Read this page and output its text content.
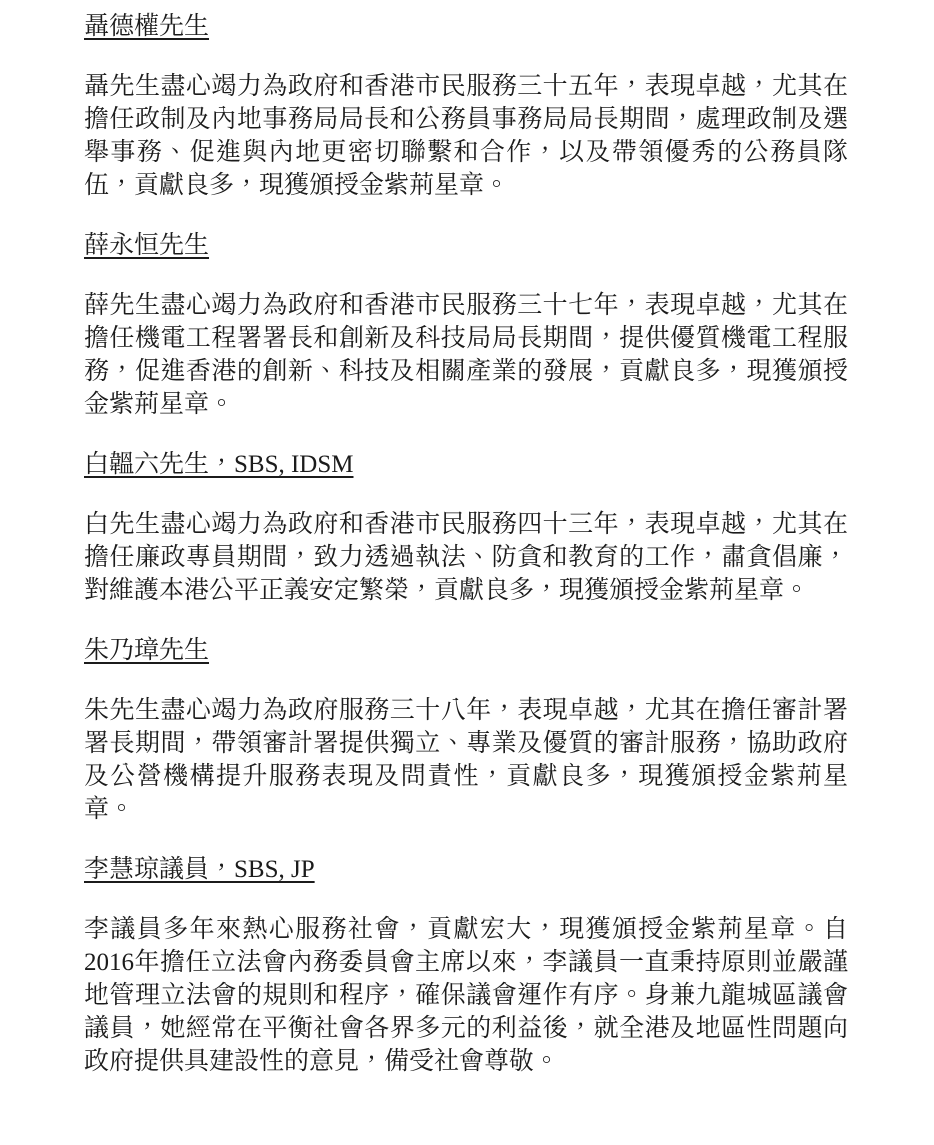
聶德權先生

聶先生盡心竭力為政府和香港市民服務三十五年，表現卓越，尤其在擔任政制及內地事務局局長和公務員事務局局長期間，處理政制及選舉事務、促進與內地更密切聯繫和合作，以及帶領優秀的公務員隊伍，貢獻良多，現獲頒授金紫荊星章。

薛永恒先生

薛先生盡心竭力為政府和香港市民服務三十七年，表現卓越，尤其在擔任機電工程署署長和創新及科技局局長期間，提供優質機電工程服務，促進香港的創新、科技及相關產業的發展，貢獻良多，現獲頒授金紫荊星章。

白韞六先生，SBS, IDSM

白先生盡心竭力為政府和香港市民服務四十三年，表現卓越，尤其在擔任廉政專員期間，致力透過執法、防貪和教育的工作，肅貪倡廉，對維護本港公平正義安定繁榮，貢獻良多，現獲頒授金紫荊星章。

朱乃璋先生

朱先生盡心竭力為政府服務三十八年，表現卓越，尤其在擔任審計署署長期間，帶領審計署提供獨立、專業及優質的審計服務，協助政府及公營機構提升服務表現及問責性，貢獻良多，現獲頒授金紫荊星章。

李慧琼議員，SBS, JP

李議員多年來熱心服務社會，貢獻宏大，現獲頒授金紫荊星章。自2016年擔任立法會內務委員會主席以來，李議員一直秉持原則並嚴謹地管理立法會的規則和程序，確保議會運作有序。身兼九龍城區議會議員，她經常在平衡社會各界多元的利益後，就全港及地區性問題向政府提供具建設性的意見，備受社會尊敬。
